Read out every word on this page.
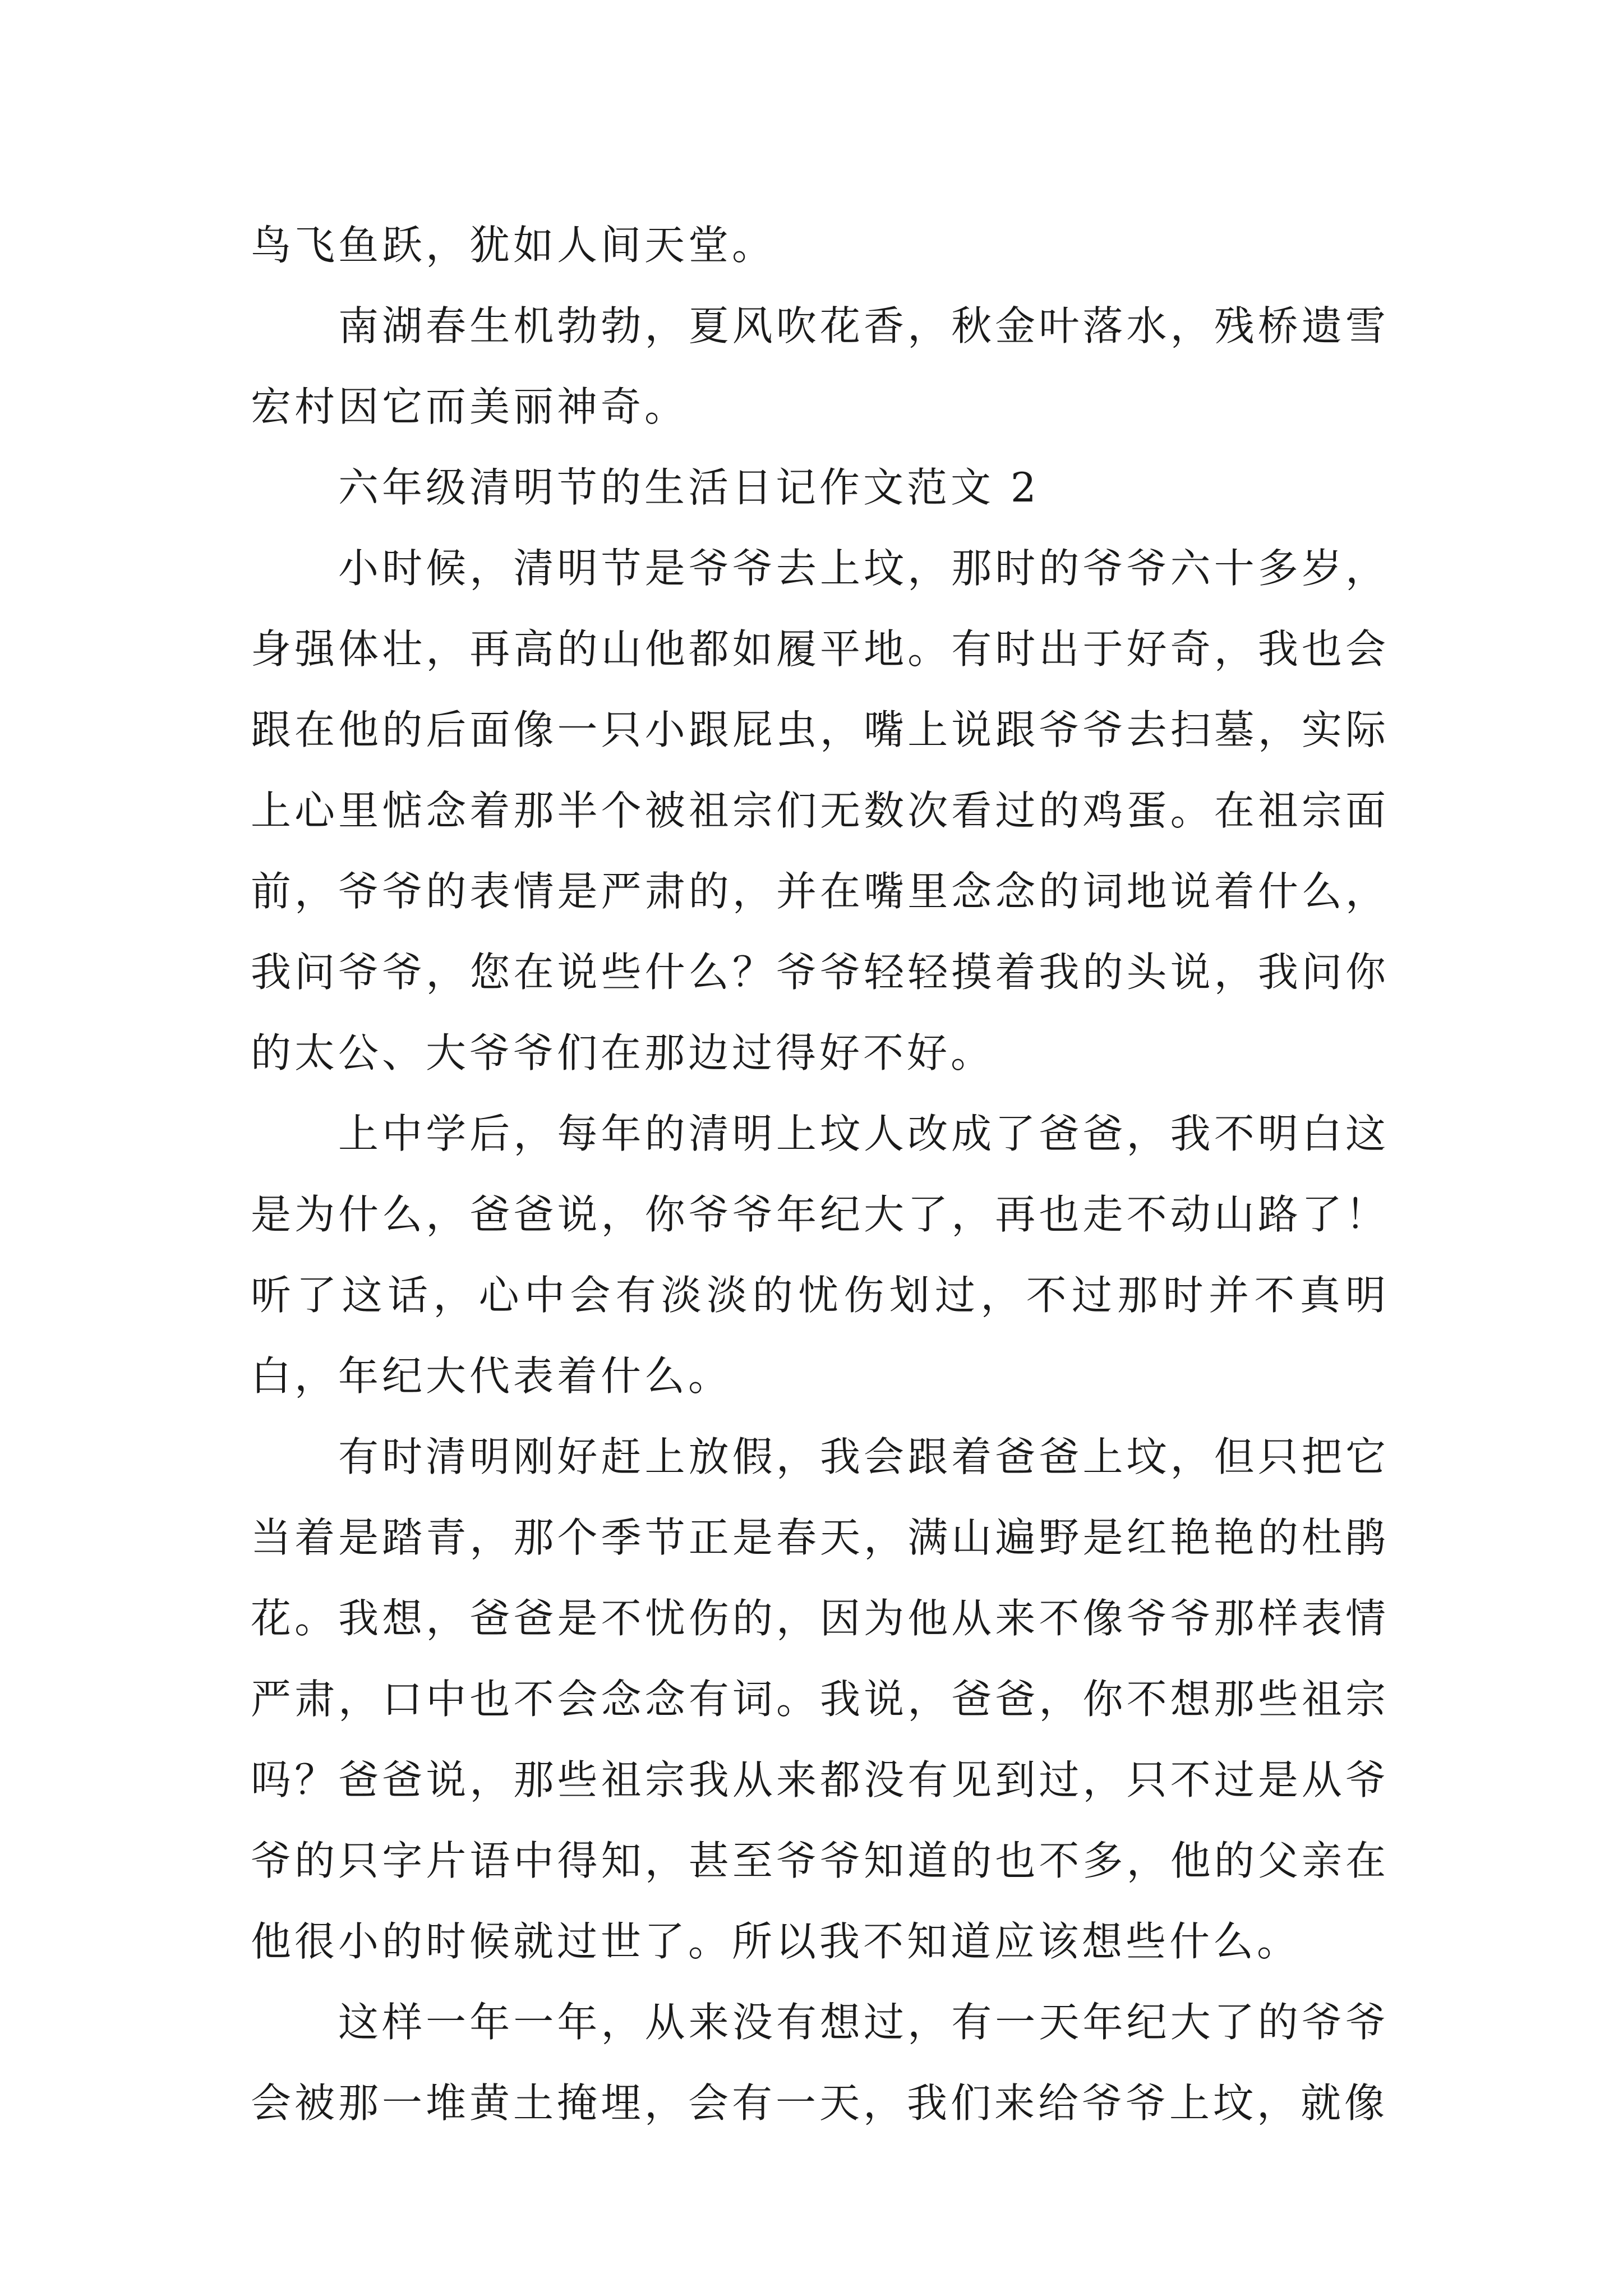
鸟飞鱼跃，犹如人间天堂。

南湖春生机勃勃，夏风吹花香，秋金叶落水，残桥遗雪宏村因它而美丽神奇。

六年级清明节的生活日记作文范文 2

小时候，清明节是爷爷去上坟，那时的爷爷六十多岁，身强体壮，再高的山他都如履平地。有时出于好奇，我也会跟在他的后面像一只小跟屁虫，嘴上说跟爷爷去扫墓，实际上心里惦念着那半个被祖宗们无数次看过的鸡蛋。在祖宗面前，爷爷的表情是严肃的，并在嘴里念念的词地说着什么，我问爷爷，您在说些什么？爷爷轻轻摸着我的头说，我问你的太公、大爷爷们在那边过得好不好。

上中学后，每年的清明上坟人改成了爸爸，我不明白这是为什么，爸爸说，你爷爷年纪大了，再也走不动山路了！听了这话，心中会有淡淡的忧伤划过，不过那时并不真明白，年纪大代表着什么。

有时清明刚好赶上放假，我会跟着爸爸上坟，但只把它当着是踏青，那个季节正是春天，满山遍野是红艳艳的杜鹃花。我想，爸爸是不忧伤的，因为他从来不像爷爷那样表情严肃，口中也不会念念有词。我说，爸爸，你不想那些祖宗吗？爸爸说，那些祖宗我从来都没有见到过，只不过是从爷爷的只字片语中得知，甚至爷爷知道的也不多，他的父亲在他很小的时候就过世了。所以我不知道应该想些什么。

这样一年一年，从来没有想过，有一天年纪大了的爷爷会被那一堆黄土掩埋，会有一天，我们来给爷爷上坟，就像
